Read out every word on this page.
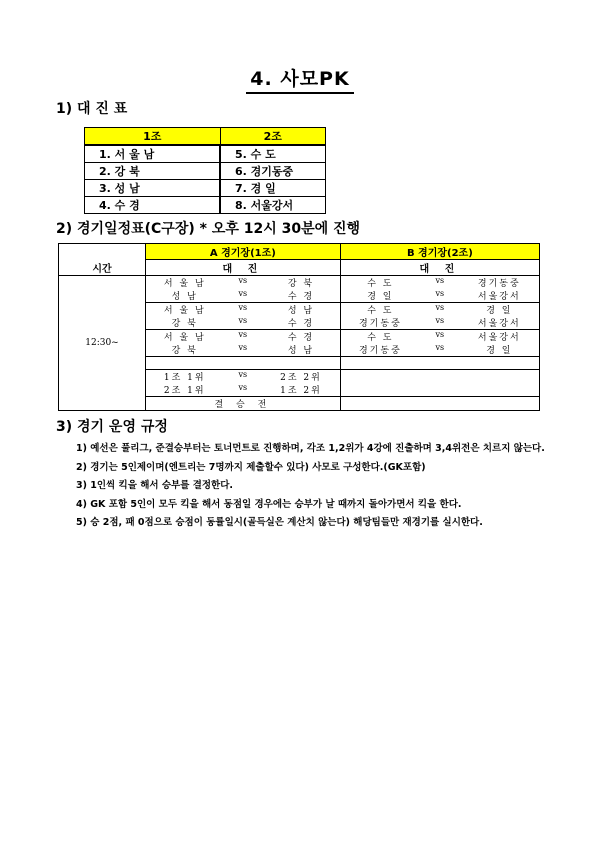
4. 사모PK
1) 대 진 표
1조	2조
1. 서 울 남	5. 수 도
2. 강 북	6. 경기동중
3. 성 남	7. 경 일
4. 수 경	8. 서울강서
2) 경기일정표(C구장) * 오후 12시 30분에 진행
	A 경기장(1조)	B 경기장(2조)
시간	대 진	대 진
12:30~	서 울 남 vs 강 북	수 도 vs 경기동중

	성 남 vs 수 경	경 일 vs 서울강서

	서 울 남 vs 성 남	수 도 vs 경 일

	강 북 vs 수 경	경기동중 vs 서울강서

	서 울 남 vs 수 경	수 도 vs 서울강서

	강 북 vs 성 남	경기동중 vs 경 일

	1조 1위 vs 2조 2위	

	2조 1위 vs 1조 2위	

	결 승 전	
3) 경기 운영 규정
1) 예선은 풀리그, 준결승부터는 토너먼트로 진행하며, 각조 1,2위가 4강에 진출하며 3,4위전은 치르지 않는다.
2) 경기는 5인제이며(엔트리는 7명까지 제출할수 있다) 사모로 구성한다.(GK포함)
3) 1인씩 킥을 해서 승부를 결정한다.
4) GK 포함 5인이 모두 킥을 해서 동점일 경우에는 승부가 날 때까지 돌아가면서 킥을 한다.
5) 승 2점, 패 0점으로 승점이 동률일시(골득실은 계산치 않는다) 해당팀들만 재경기를 실시한다.
